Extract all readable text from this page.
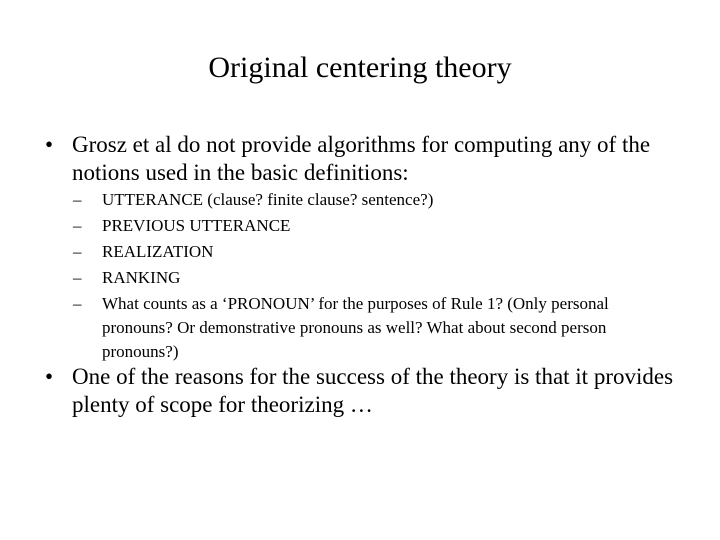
Original centering theory
• Grosz et al do not provide algorithms for computing any of the notions used in the basic definitions:
– UTTERANCE (clause? finite clause? sentence?)
– PREVIOUS UTTERANCE
– REALIZATION
– RANKING
– What counts as a ‘PRONOUN’ for the purposes of Rule 1? (Only personal pronouns? Or demonstrative pronouns as well? What about second person pronouns?)
• One of the reasons for the success of the theory is that it provides plenty of scope for theorizing …
